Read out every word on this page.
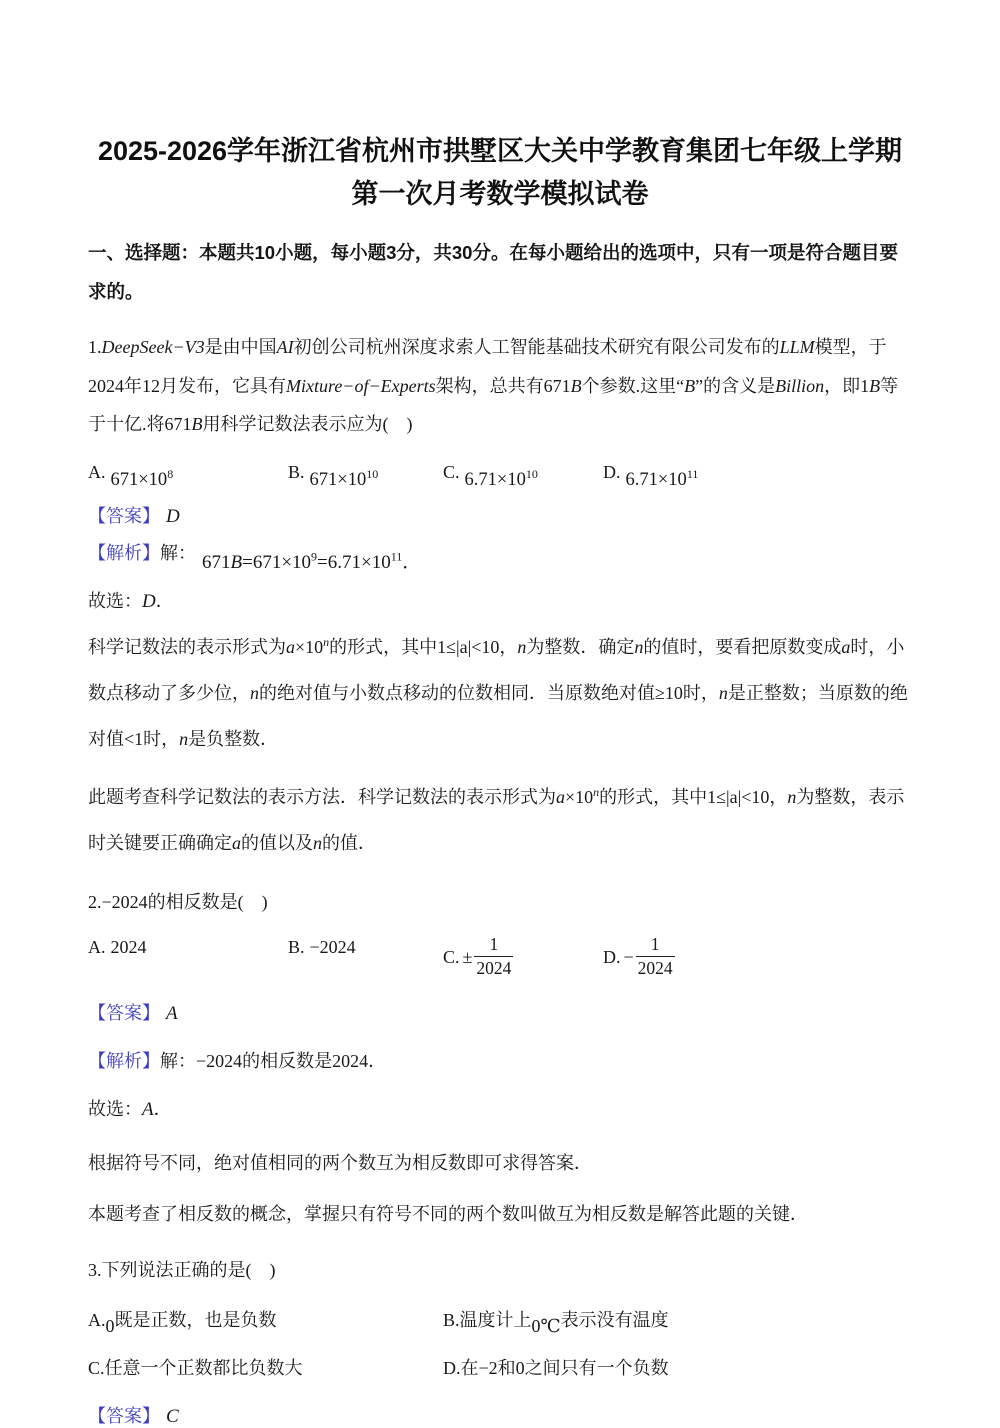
2025-2026学年浙江省杭州市拱墅区大关中学教育集团七年级上学期
第一次月考数学模拟试卷
一、选择题：本题共10小题，每小题3分，共30分。在每小题给出的选项中，只有一项是符合题目要求的。
1.DeepSeek−V3是由中国AI初创公司杭州深度求索人工智能基础技术研究有限公司发布的LLM模型，于2024年12月发布，它具有Mixture−of−Experts架构，总共有671B个参数.这里“B”的含义是Billion，即1B等于十亿.将671B用科学记数法表示应为(　)
A. $671\times 10^8$	B. $671\times 10^{10}$	C. $6.71\times 10^{10}$	D. $6.71\times 10^{11}$
【答案】 D
【解析】解： $671B=671\times 10^9=6.71\times 10^{11}$．
故选：D．
科学记数法的表示形式为$a\times 10^n$的形式，其中1≤|a|<10，n为整数．确定n的值时，要看把原数变成a时，小数点移动了多少位，n的绝对值与小数点移动的位数相同．当原数绝对值≥10时，n是正整数；当原数的绝对值<1时，n是负整数．
此题考查科学记数法的表示方法．科学记数法的表示形式为$a\times 10^n$的形式，其中1≤|a|<10，n为整数，表示时关键要正确确定a的值以及n的值．
2.−2024的相反数是(　)
A. 2024	B. −2024	C. ± $\frac{1}{2024}$	D. − $\frac{1}{2024}$
【答案】 A
【解析】解：−2024的相反数是2024．
故选：A．
根据符号不同，绝对值相同的两个数互为相反数即可求得答案．
本题考查了相反数的概念，掌握只有符号不同的两个数叫做互为相反数是解答此题的关键．
3.下列说法正确的是(　)
A.0既是正数，也是负数	B.温度计上0℃表示没有温度
C.任意一个正数都比负数大	D.在−2和0之间只有一个负数
【答案】 C
